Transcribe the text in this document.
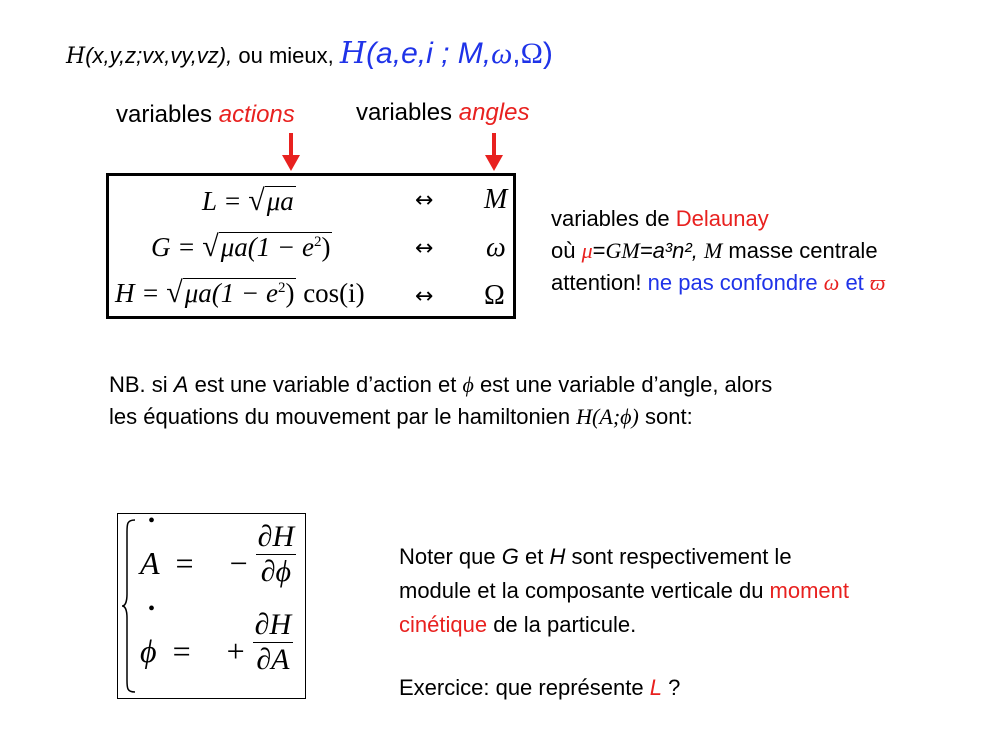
H(x,y,z;vx,vy,vz), ou mieux, H(a,e,i ; M,ω,Ω)
variables actions	variables angles
L = √μa	↔ M
$G = √\mu a(1 - e^2)$	↔ ω
$H = √\mu a(1 - e^2)$ cos(i) ↔ Ω
variables de Delaunay
où μ=GM=a³n², M masse centrale
attention! ne pas confondre ω et ϖ
NB. si A est une variable d’action et ϕ est une variable d’angle, alors
les équations du mouvement par le hamiltonien H(A;ϕ) sont:
•
A = − $\frac{\partial H}{\partial\phi}$
•
ϕ = + $\frac{\partial H}{\partial A}$
Noter que G et H sont respectivement le
module et la composante verticale du moment
cinétique de la particule.
Exercice: que représente L ?
